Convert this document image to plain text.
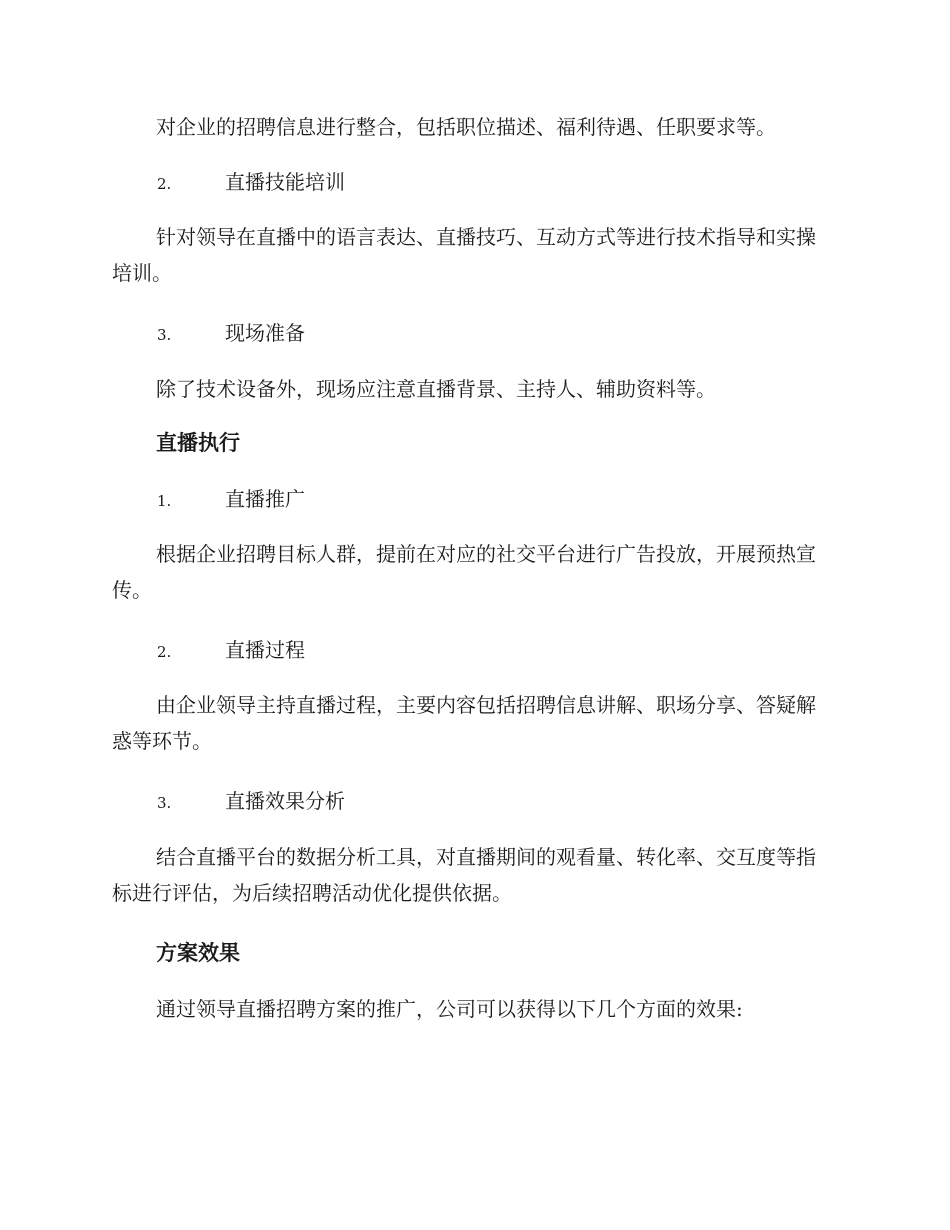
对企业的招聘信息进行整合，包括职位描述、福利待遇、任职要求等。

2.	直播技能培训

针对领导在直播中的语言表达、直播技巧、互动方式等进行技术指导和实操培训。

3.	现场准备

除了技术设备外，现场应注意直播背景、主持人、辅助资料等。

直播执行

1.	直播推广

根据企业招聘目标人群，提前在对应的社交平台进行广告投放，开展预热宣传。

2.	直播过程

由企业领导主持直播过程，主要内容包括招聘信息讲解、职场分享、答疑解惑等环节。

3.	直播效果分析

结合直播平台的数据分析工具，对直播期间的观看量、转化率、交互度等指标进行评估，为后续招聘活动优化提供依据。

方案效果

通过领导直播招聘方案的推广，公司可以获得以下几个方面的效果:
